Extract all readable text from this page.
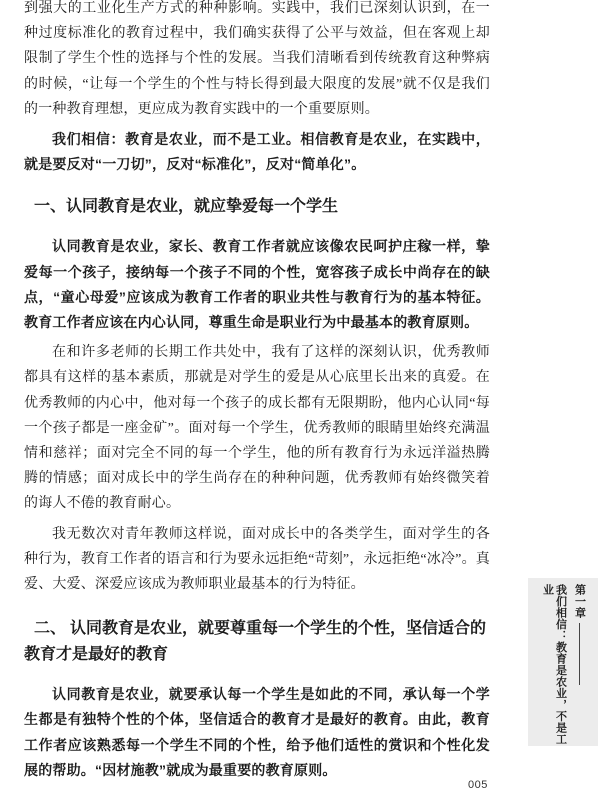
到强大的工业化生产方式的种种影响。实践中，我们已深刻认识到，在一种过度标准化的教育过程中，我们确实获得了公平与效益，但在客观上却限制了学生个性的选择与个性的发展。当我们清晰看到传统教育这种弊病的时候，“让每一个学生的个性与特长得到最大限度的发展”就不仅是我们的一种教育理想，更应成为教育实践中的一个重要原则。

我们相信：教育是农业，而不是工业。相信教育是农业，在实践中，就是要反对“一刀切”，反对“标准化”，反对“简单化”。

一、认同教育是农业，就应挚爱每一个学生

认同教育是农业，家长、教育工作者就应该像农民呵护庄稼一样，挚爱每一个孩子，接纳每一个孩子不同的个性，宽容孩子成长中尚存在的缺点，“童心母爱”应该成为教育工作者的职业共性与教育行为的基本特征。教育工作者应该在内心认同，尊重生命是职业行为中最基本的教育原则。

在和许多老师的长期工作共处中，我有了这样的深刻认识，优秀教师都具有这样的基本素质，那就是对学生的爱是从心底里长出来的真爱。在优秀教师的内心中，他对每一个孩子的成长都有无限期盼，他内心认同“每一个孩子都是一座金矿”。面对每一个学生，优秀教师的眼睛里始终充满温情和慈祥；面对完全不同的每一个学生，他的所有教育行为永远洋溢热腾腾的情感；面对成长中的学生尚存在的种种问题，优秀教师有始终微笑着的诲人不倦的教育耐心。

我无数次对青年教师这样说，面对成长中的各类学生，面对学生的各种行为，教育工作者的语言和行为要永远拒绝“苛刻”，永远拒绝“冰冷”。真爱、大爱、深爱应该成为教师职业最基本的行为特征。

二、 认同教育是农业，就要尊重每一个学生的个性，坚信适合的
教育才是最好的教育

认同教育是农业，就要承认每一个学生是如此的不同，承认每一个学生都是有独特个性的个体，坚信适合的教育才是最好的教育。由此，教育工作者应该熟悉每一个学生不同的个性，给予他们适性的赏识和个性化发展的帮助。“因材施教”就成为最重要的教育原则。

第一章
我们相信：教育是农业，不是工业
005
